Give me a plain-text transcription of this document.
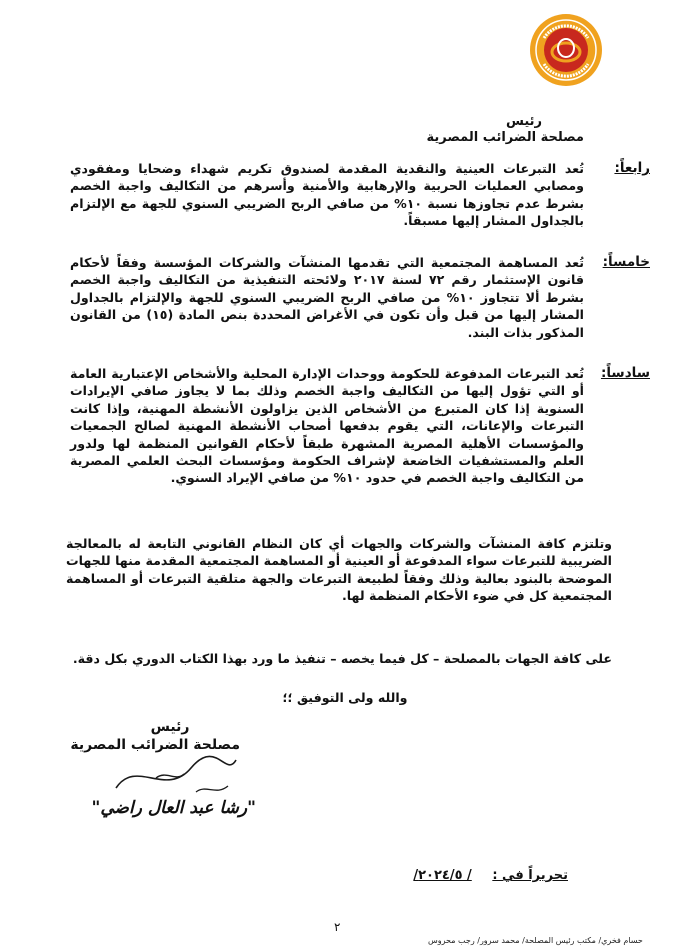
رئيس
مصلحة الضرائب المصرية
رابعاً:
تُعد التبرعات العينية والنقدية المقدمة لصندوق تكريم شهداء وضحايا ومفقودي ومصابي العمليات الحربية والإرهابية والأمنية وأسرهم من التكاليف واجبة الخصم بشرط عدم تجاوزها نسبة ١٠% من صافي الربح الضريبي السنوي للجهة مع الإلتزام بالجداول المشار إليها مسبقاً.
خامساً:
تُعد المساهمة المجتمعية التي تقدمها المنشآت والشركات المؤسسة وفقاً لأحكام قانون الإستثمار رقم ٧٢ لسنة ٢٠١٧ ولائحته التنفيذية من التكاليف واجبة الخصم بشرط ألا تتجاوز ١٠% من صافي الربح الضريبي السنوي للجهة والإلتزام بالجداول المشار إليها من قبل وأن تكون في الأغراض المحددة بنص المادة (١٥) من القانون المذكور بذات البند.
سادساً:
تُعد التبرعات المدفوعة للحكومة ووحدات الإدارة المحلية والأشخاص الإعتبارية العامة أو التي تؤول إليها من التكاليف واجبة الخصم وذلك بما لا يجاوز صافي الإيرادات السنوية إذا كان المتبرع من الأشخاص الذين يزاولون الأنشطة المهنية، وإذا كانت التبرعات والإعانات، التي يقوم بدفعها أصحاب الأنشطة المهنية لصالح الجمعيات والمؤسسات الأهلية المصرية المشهرة طبقاً لأحكام القوانين المنظمة لها ولدور العلم والمستشفيات الخاضعة لإشراف الحكومة ومؤسسات البحث العلمي المصرية من التكاليف واجبة الخصم في حدود ١٠% من صافي الإيراد السنوي.
وتلتزم كافة المنشآت والشركات والجهات أي كان النظام القانوني التابعة له بالمعالجة الضريبية للتبرعات سواء المدفوعة أو العينية أو المساهمة المجتمعية المقدمة منها للجهات الموضحة بالبنود بعالية وذلك وفقاً لطبيعة التبرعات والجهة متلقية التبرعات أو المساهمة المجتمعية كل في ضوء الأحكام المنظمة لها.
على كافة الجهات بالمصلحة – كل فيما يخصه – تنفيذ ما ورد بهذا الكتاب الدوري بكل دقة.
والله ولى التوفيق ؛؛
رئيس
مصلحة الضرائب المصرية
"رشا عبد العال راضي"
تحريراً في : / ٢٠٢٤/٥/
٢
حسام فخري/ مكتب رئيس المصلحة/ محمد سرور/ رجب محروس
